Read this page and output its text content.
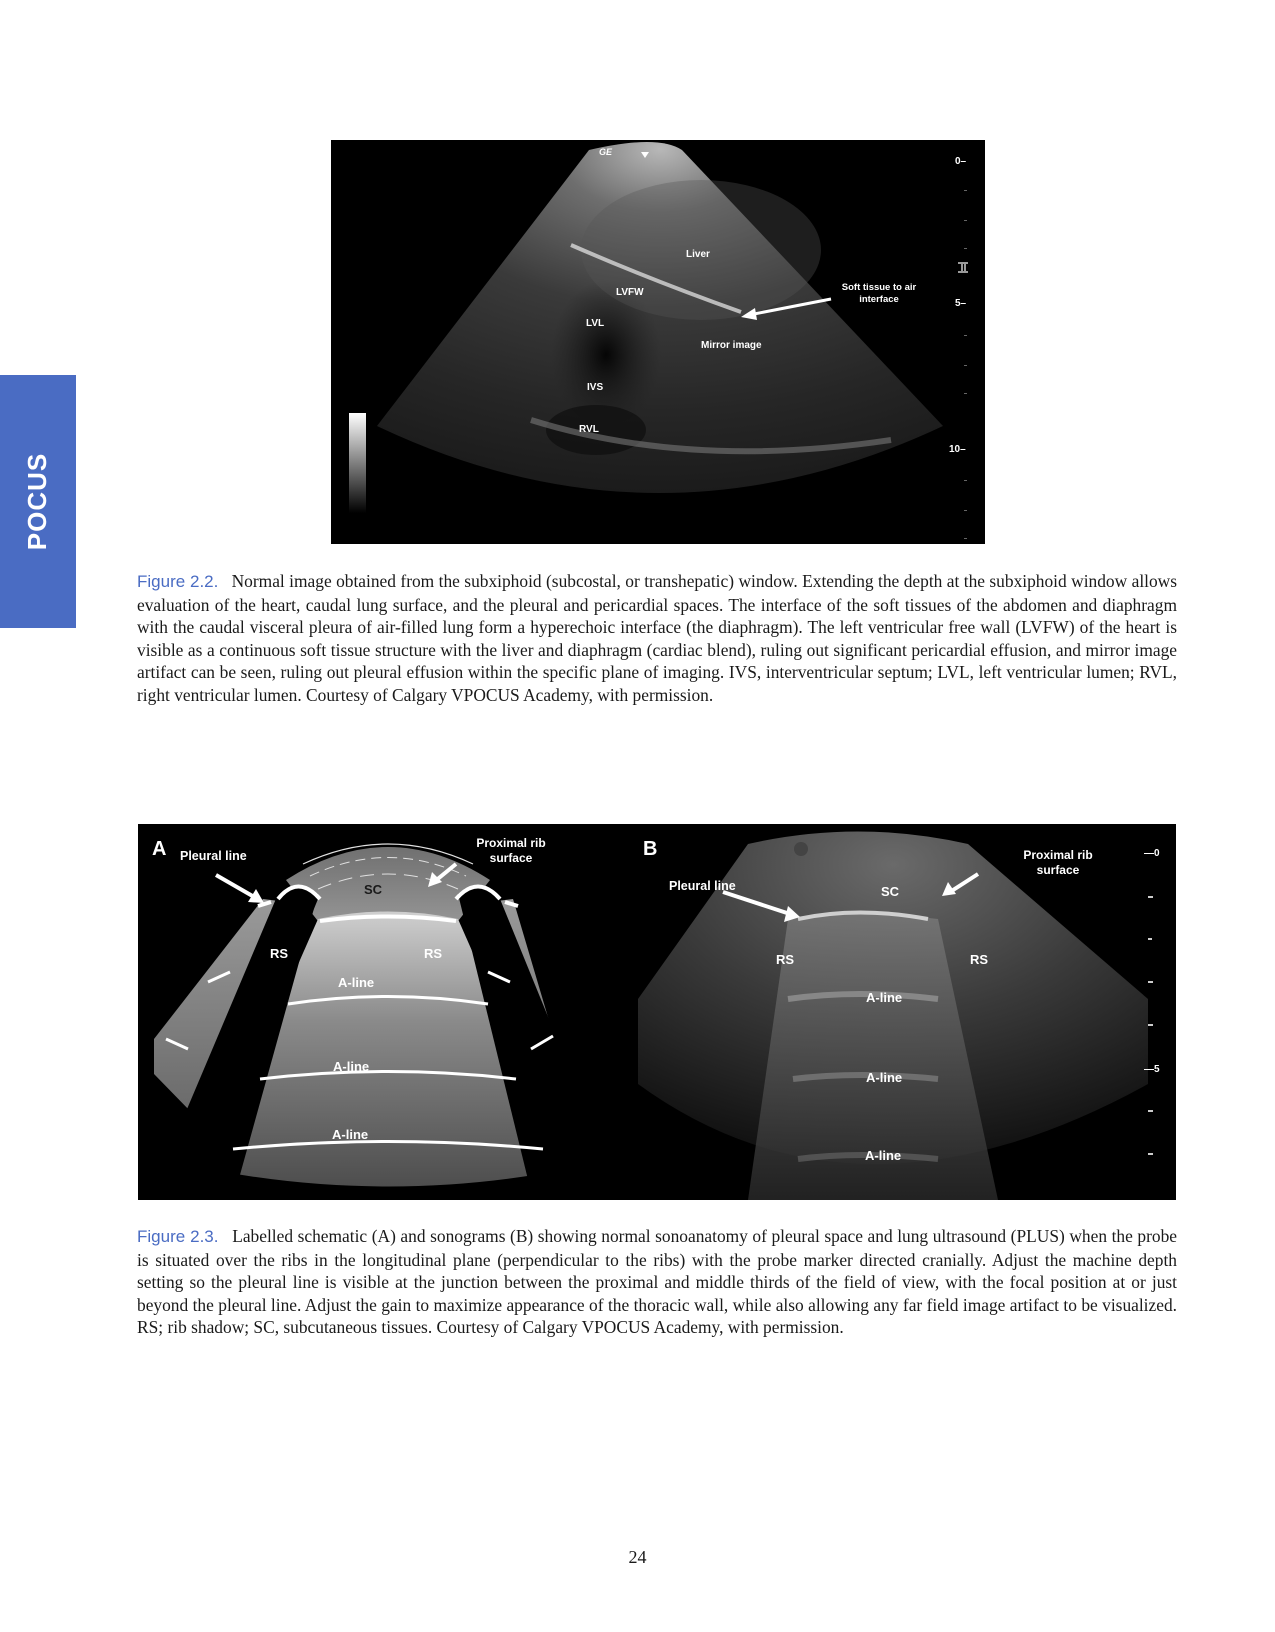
POCUS
GE
Liver
LVFW
LVL
Mirror image
IVS
RVL
Soft tissue to air
interface
0–
5–
10–

Figure 2.2. Normal image obtained from the subxiphoid (subcostal, or transhepatic) window. Extending the depth at the subxiphoid window allows evaluation of the heart, caudal lung surface, and the pleural and pericardial spaces. The interface of the soft tissues of the abdomen and diaphragm with the caudal visceral pleura of air-filled lung form a hyperechoic interface (the diaphragm). The left ventricular free wall (LVFW) of the heart is visible as a continuous soft tissue structure with the liver and diaphragm (cardiac blend), ruling out significant pericardial effusion, and mirror image artifact can be seen, ruling out pleural effusion within the specific plane of imaging. IVS, interventricular septum; LVL, left ventricular lumen; RVL, right ventricular lumen. Courtesy of Calgary VPOCUS Academy, with permission.

A Pleural line
Proximal rib
surface
SC
RS	RS
A-line
A-line
A-line
B
Pleural line
Proximal rib
surface
SC
RS	RS
A-line
A-line
A-line
—0
—5

Figure 2.3. Labelled schematic (A) and sonograms (B) showing normal sonoanatomy of pleural space and lung ultrasound (PLUS) when the probe is situated over the ribs in the longitudinal plane (perpendicular to the ribs) with the probe marker directed cranially. Adjust the machine depth setting so the pleural line is visible at the junction between the proximal and middle thirds of the field of view, with the focal position at or just beyond the pleural line. Adjust the gain to maximize appearance of the thoracic wall, while also allowing any far field image artifact to be visualized. RS; rib shadow; SC, subcutaneous tissues. Courtesy of Calgary VPOCUS Academy, with permission.

24
